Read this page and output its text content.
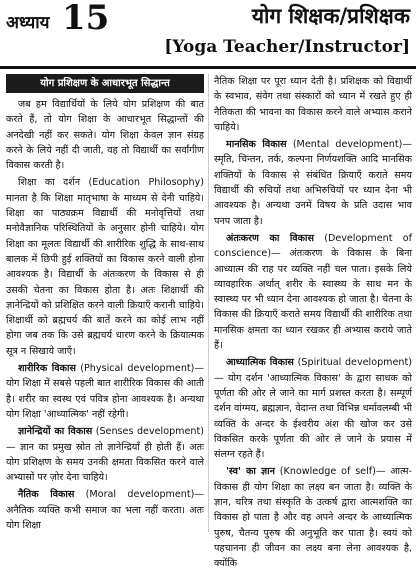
अध्याय 15	योग शिक्षक/प्रशिक्षक
[Yoga Teacher/Instructor]
योग प्रशिक्षण के आधारभूत सिद्धान्त

जब हम विद्यार्थियों के लिये योग प्रशिक्षण की बात करते हैं, तो योग शिक्षा के आधारभूत सिद्धान्तों की अनदेखी नहीं कर सकते। योग शिक्षा केवल ज्ञान संग्रह करने के लिये नहीं दी जाती, वह तो विद्यार्थी का सर्वांगीण विकास करती है।

शिक्षा का दर्शन (Education Philosophy) मानता है कि शिक्षा मातृभाषा के माध्यम से देनी चाहिये। शिक्षा का पाठ्यक्रम विद्यार्थी की मनोवृत्तियों तथा मनोवैज्ञानिक परिस्थितियों के अनुसार होनी चाहिये। योग शिक्षा का मूलतः विद्यार्थी की शारीरिक शुद्धि के साथ-साथ बालक में छिपी हुई शक्तियों का विकास करने वाली होना आवश्यक है। विद्यार्थी के अंतःकरण के विकास से ही उसकी चेतना का विकास होता है। अतः शिक्षार्थी की ज्ञानेन्द्रियों को प्रशिक्षित करने वाली क्रियाएँ करानी चाहिये। शिक्षार्थी को ब्रह्मचर्य की बातें करने का कोई लाभ नहीं होगा जब तक कि उसे ब्रह्मचर्य धारण करने के क्रियात्मक सूत्र न सिखाये जाएँ।

शारीरिक विकास (Physical development)— योग शिक्षा में सबसे पहली बात शारीरिक विकास की आती है। शरीर का स्वस्थ एवं पवित्र होना आवश्यक है। अन्यथा योग शिक्षा 'आध्यात्मिक' नहीं रहेगी।

ज्ञानेन्द्रियों का विकास (Senses development)— ज्ञान का प्रमुख स्रोत तो ज्ञानेन्द्रियाँ ही होती हैं। अतः योग प्रशिक्षण के समय उनकी क्षमता विकसित करने वाले अभ्यासों पर ज़ोर देना चाहिये।

नैतिक विकास (Moral development)— अनैतिक व्यक्ति कभी समाज का भला नहीं करता। अतः योग शिक्षा

नैतिक शिक्षा पर पूरा ध्यान देती है। प्रशिक्षक को विद्यार्थी के स्वभाव, संवेग तथा संस्कारों को ध्यान में रखते हुए ही नैतिकता की भावना का विकास करने वाले अभ्यास कराने चाहिये।

मानसिक विकास (Mental development)— स्मृति, चिन्तन, तर्क, कल्पना निर्णयशक्ति आदि मानसिक शक्तियों के विकास से संबंधित क्रियाएँ कराते समय विद्यार्थी की रुचियों तथा अभिरुचियों पर ध्यान देना भी आवश्यक है। अन्यथा उनमें विषय के प्रति उदास भाव पनप जाता है।

अंतःकरण का विकास (Development of conscience)— अंतःकरण के विकास के बिना आध्यात्म की राह पर व्यक्ति नहीं चल पाता। इसके लिये व्यावहारिक अर्थात् शरीर के स्वास्थ्य के साथ मन के स्वास्थ्य पर भी ध्यान देना आवश्यक हो जाता है। चेतना के विकास की क्रियाएँ कराते समय विद्यार्थी की शारीरिक तथा मानसिक क्षमता का ध्यान रखकर ही अभ्यास कराये जाते हैं।

आध्यात्मिक विकास (Spiritual development)— योग दर्शन 'आध्यात्मिक विकास' के द्वारा साधक को पूर्णता की ओर ले जाने का मार्ग प्रशस्त करता है। सम्पूर्ण दर्शन वांग्मय, ब्रह्मज्ञान, वेदान्त तथा विभिन्न धर्मावलम्बी भी व्यक्ति के अन्दर के ईश्वरीय अंश की खोज कर उसे विकसित करके पूर्णता की ओर ले जाने के प्रयास में संलग्न रहते हैं।

'स्व' का ज्ञान (Knowledge of self)— आत्म-विकास ही योग शिक्षा का लक्ष्य बन जाता है। व्यक्ति के ज्ञान, चरित्र तथा संस्कृति के उत्कर्ष द्वारा आत्मशक्ति का विकास हो पाता है और वह अपने अन्दर के आध्यात्मिक पुरुष, चैतन्य पुरुष की अनुभूति कर पाता है। स्वयं को पहचानना ही जीवन का लक्ष्य बना लेना आवश्यक है, क्योंकि
